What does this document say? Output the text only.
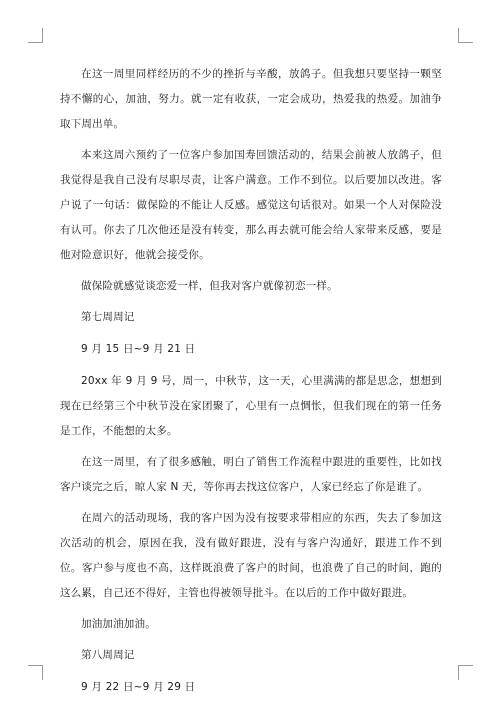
在这一周里同样经历的不少的挫折与辛酸，放鸽子。但我想只要坚持一颗坚持不懈的心，加油，努力。就一定有收获，一定会成功，热爱我的热爱。加油争取下周出单。

本来这周六预约了一位客户参加国寿回馈活动的，结果会前被人放鸽子，但我觉得是我自己没有尽职尽责，让客户满意。工作不到位。以后要加以改进。客户说了一句话：做保险的不能让人反感。感觉这句话很对。如果一个人对保险没有认可。你去了几次他还是没有转变，那么再去就可能会给人家带来反感，要是他对险意识好，他就会接受你。

做保险就感觉谈恋爱一样，但我对客户就像初恋一样。

第七周周记

9 月 15 日~9 月 21 日

20xx 年 9 月 9 号，周一，中秋节，这一天，心里满满的都是思念，想想到现在已经第三个中秋节没在家团聚了，心里有一点惆怅，但我们现在的第一任务是工作，不能想的太多。

在这一周里，有了很多感触，明白了销售工作流程中跟进的重要性，比如找客户谈完之后，晾人家 N 天，等你再去找这位客户，人家已经忘了你是谁了。

在周六的活动现场，我的客户因为没有按要求带相应的东西，失去了参加这次活动的机会，原因在我，没有做好跟进，没有与客户沟通好，跟进工作不到位。客户参与度也不高，这样既浪费了客户的时间，也浪费了自己的时间，跑的这么累，自己还不得好，主管也得被领导批斗。在以后的工作中做好跟进。

加油加油加油。

第八周周记

9 月 22 日~9 月 29 日
